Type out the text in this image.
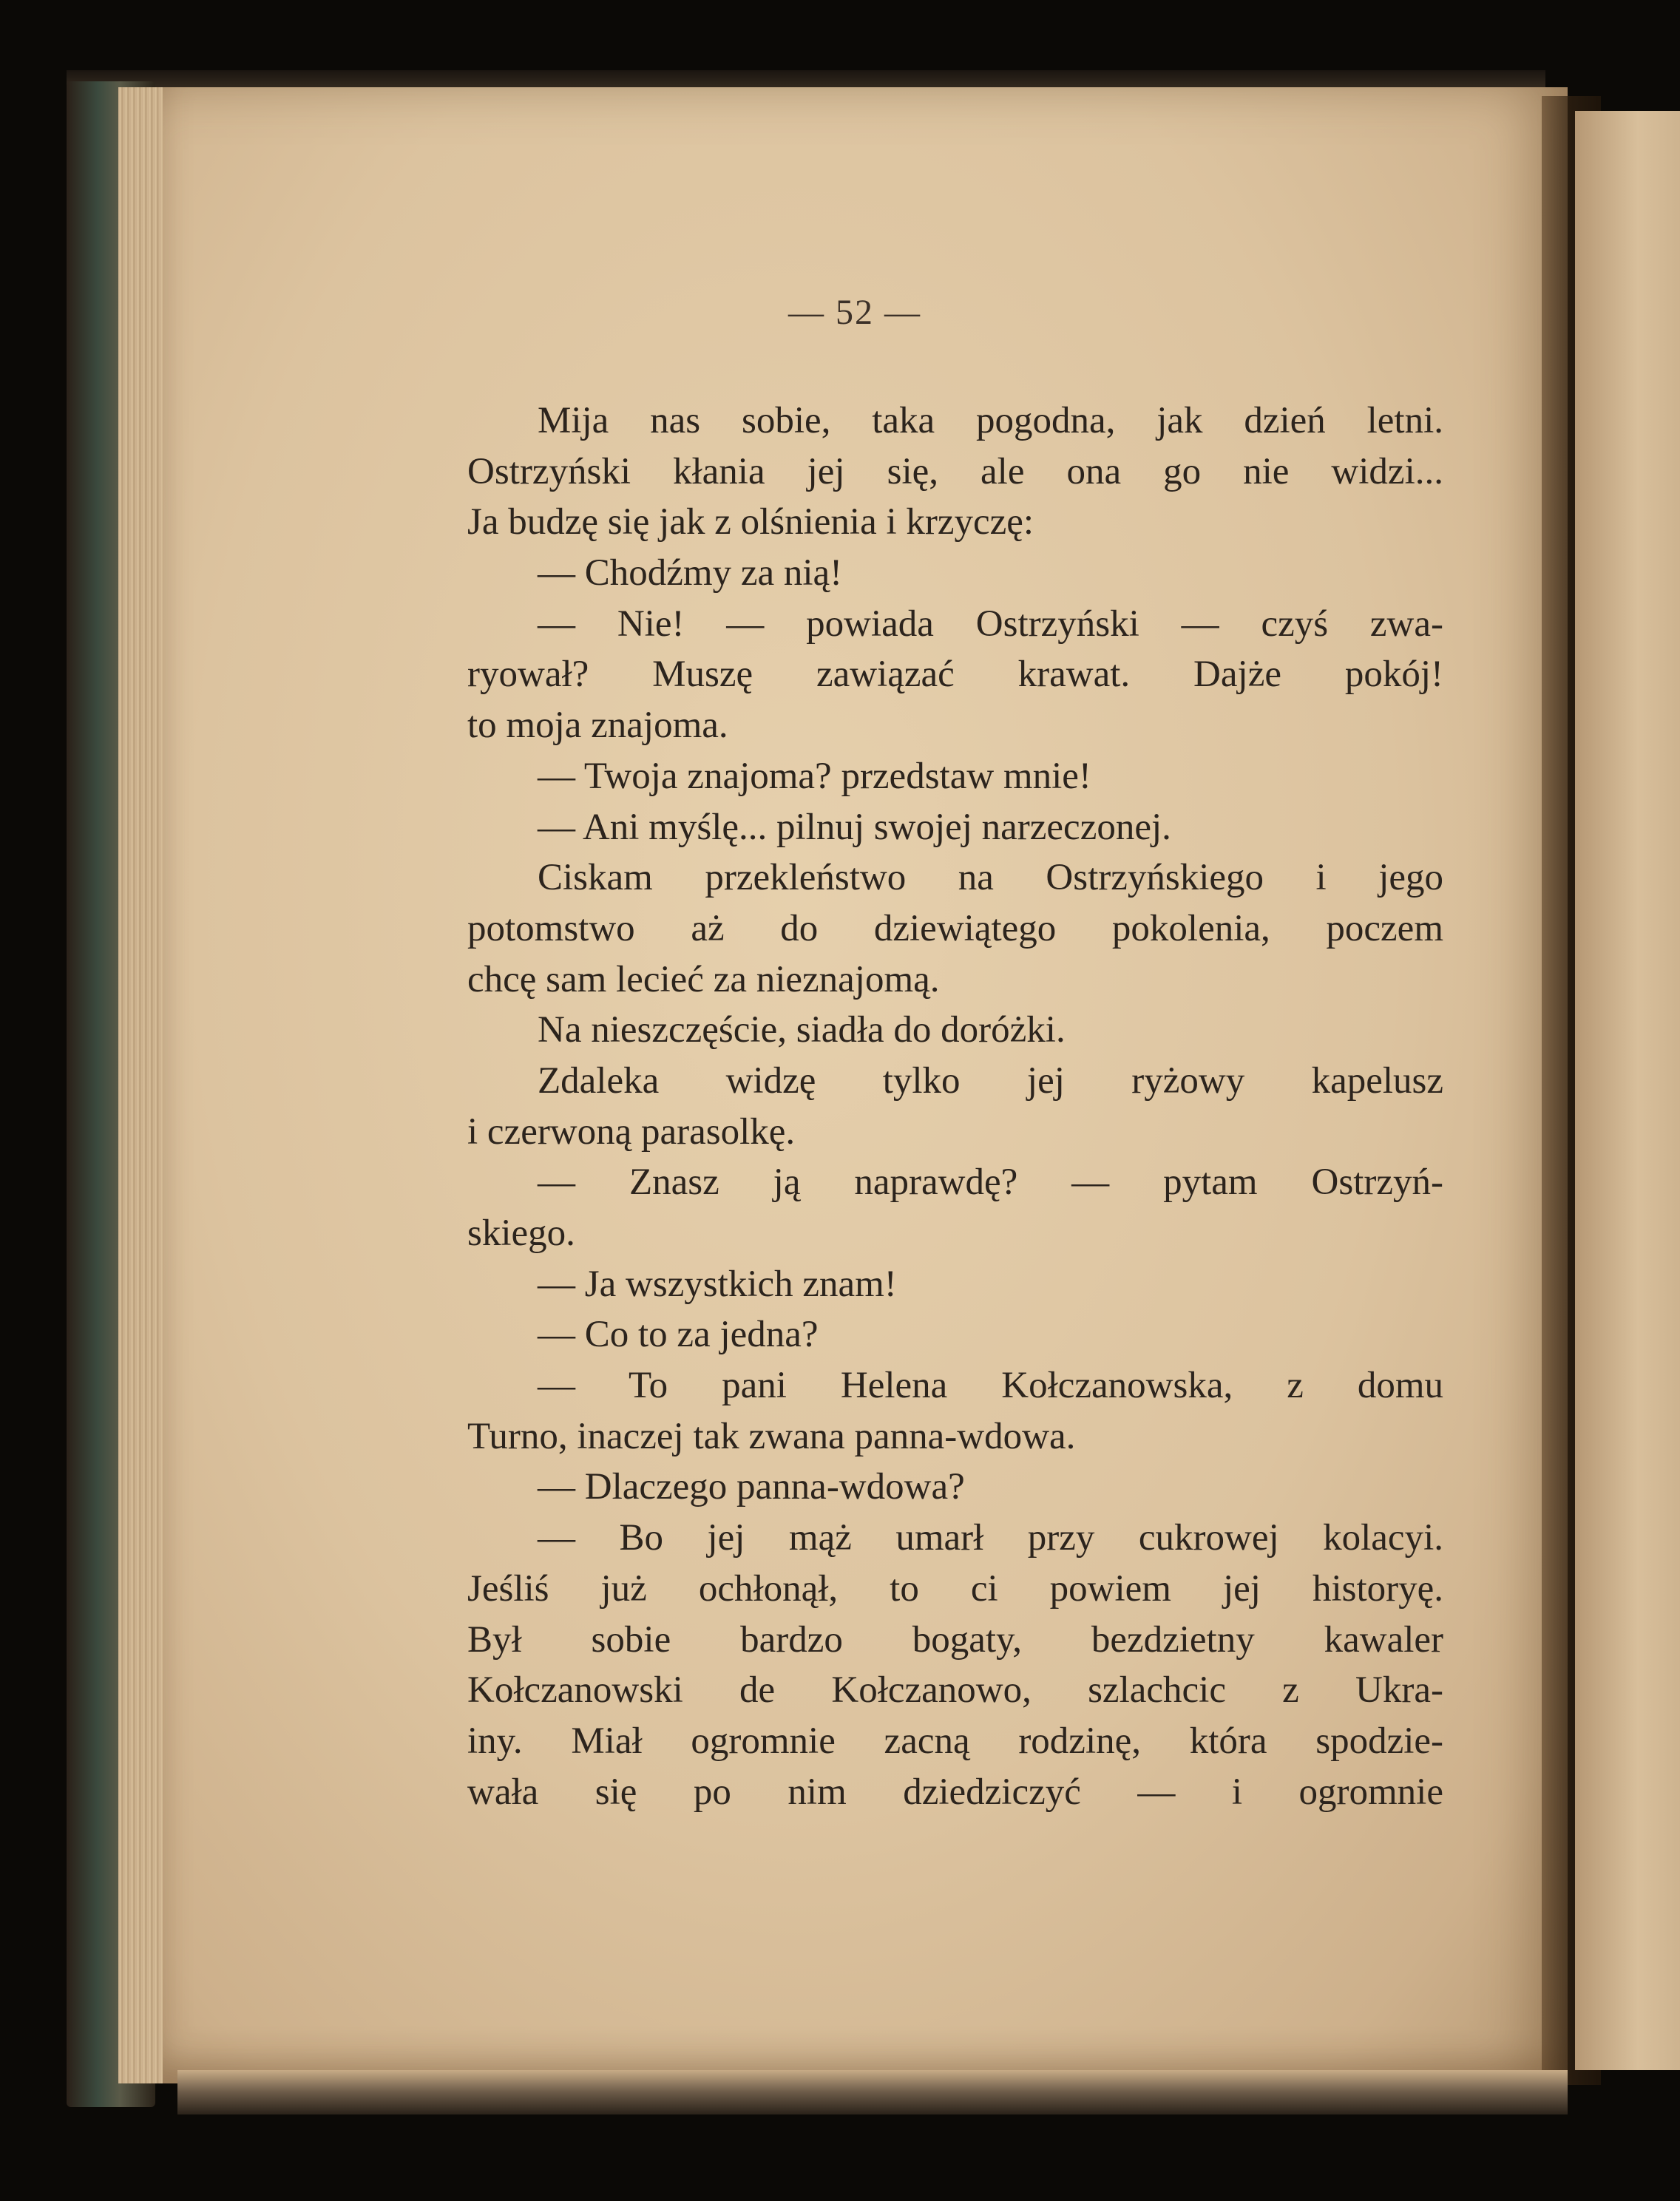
— 52 —
Mija nas sobie, taka pogodna, jak dzień letni.
Ostrzyński kłania jej się, ale ona go nie widzi...
Ja budzę się jak z olśnienia i krzyczę:
— Chodźmy za nią!
— Nie! — powiada Ostrzyński — czyś zwa-
ryował? Muszę zawiązać krawat. Dajże pokój!
to moja znajoma.
— Twoja znajoma? przedstaw mnie!
— Ani myślę... pilnuj swojej narzeczonej.
Ciskam przekleństwo na Ostrzyńskiego i jego
potomstwo aż do dziewiątego pokolenia, poczem
chcę sam lecieć za nieznajomą.
Na nieszczęście, siadła do doróżki.
Zdaleka widzę tylko jej ryżowy kapelusz
i czerwoną parasolkę.
— Znasz ją naprawdę? — pytam Ostrzyń-
skiego.
— Ja wszystkich znam!
— Co to za jedna?
— To pani Helena Kołczanowska, z domu
Turno, inaczej tak zwana panna-wdowa.
— Dlaczego panna-wdowa?
— Bo jej mąż umarł przy cukrowej kolacyi.
Jeśliś już ochłonął, to ci powiem jej historyę.
Był sobie bardzo bogaty, bezdzietny kawaler
Kołczanowski de Kołczanowo, szlachcic z Ukra-
iny. Miał ogromnie zacną rodzinę, która spodzie-
wała się po nim dziedziczyć — i ogromnie
